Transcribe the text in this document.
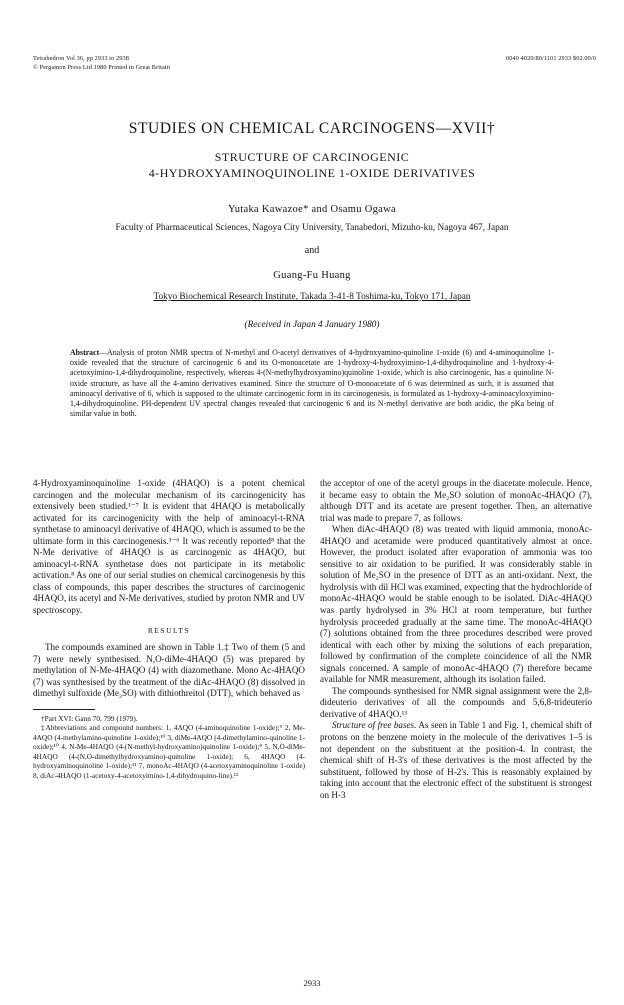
Tetrahedron Vol 36, pp 2933 to 2938
© Pergamon Press Ltd 1980 Printed in Great Britain
0040 4020/80/1101 2933 $02.00/0
STUDIES ON CHEMICAL CARCINOGENS—XVII†
STRUCTURE OF CARCINOGENIC
4-HYDROXYAMINOQUINOLINE 1-OXIDE DERIVATIVES
Yutaka Kawazoe* and Osamu Ogawa
Faculty of Pharmaceutical Sciences, Nagoya City University, Tanabedori, Mizuho-ku, Nagoya 467, Japan
and
Guang-Fu Huang
Tokyo Biochemical Research Institute, Takada 3-41-8 Toshima-ku, Tokyo 171, Japan
(Received in Japan 4 January 1980)
Abstract—Analysis of proton NMR spectra of N-methyl and O-acetyl derivatives of 4-hydroxyamino-quinoline 1-oxide (6) and 4-aminoquinoline 1-oxide revealed that the structure of carcinogenic 6 and its O-monoacetate are 1-hydroxy-4-hydroxyimino-1,4-dihydroquinoline and 1-hydroxy-4-acetoxyimino-1,4-dihydroquinoline, respectively, whereas 4-(N-methylhydroxyamino)quinoline 1-oxide, which is also carcinogenic, has a quinoline N-oxide structure, as have all the 4-amino derivatives examined. Since the structure of O-monoacetate of 6 was determined as such, it is assumed that aminoacyl derivative of 6, which is supposed to the ultimate carcinogenic form in its carcinogenesis, is formulated as 1-hydroxy-4-aminoacyloxyimino-1,4-dihydroquinoline. PH-dependent UV spectral changes revealed that carcinogenic 6 and its N-methyl derivative are both acidic, the pKa being of similar value in both.

4-Hydroxyaminoquinoline 1-oxide (4HAQO) is a potent chemical carcinogen and the molecular mechanism of its carcinogenicity has extensively been studied.¹⁻⁷ It is evident that 4HAQO is metabolically activated for its carcinogenicity with the help of aminoacyl-t-RNA synthetase to aminoacyl derivative of 4HAQO, which is assumed to be the ultimate form in this carcinogenesis.³⁻⁶ It was recently reported⁸ that the N-Me derivative of 4HAQO is as carcinogenic as 4HAQO, but aminoacyl-t-RNA synthetase does not participate in its metabolic activation.⁸ As one of our serial studies on chemical carcinogenesis by this class of compounds, this paper describes the structures of carcinogenic 4HAQO, its acetyl and N-Me derivatives, studied by proton NMR and UV spectroscopy.

RESULTS

The compounds examined are shown in Table 1.‡ Two of them (5 and 7) were newly synthesised. N,O-diMe-4HAQO (5) was prepared by methylation of N-Me-4HAQO (4) with diazomethane. Mono Ac-4HAQO (7) was synthesised by the treatment of the diAc-4HAQO (8) dissolved in dimethyl sulfoxide (Me₂SO) with dithiothreitol (DTT), which behaved as

†Part XVI: Gann 70, 799 (1979).

‡Abbreviations and compound numbers: 1, 4AQO (4-aminoquinoline 1-oxide);⁹ 2, Me-4AQO (4-methylamino-quinoline 1-oxide);¹⁰ 3, diMe-4AQO (4-dimethylamino-quinoline 1-oxide);¹⁰ 4, N-Me-4HAQO (4-(N-methyl-hydroxyamino)quinoline 1-oxide);⁸ 5, N,O-diMe-4HAQO (4-(N,O-dimethylhydroxyamino)-quinoline 1-oxide); 6, 4HAQO (4-hydroxyaminoquinoline 1-oxide);¹¹ 7, monoAc-4HAQO (4-acetoxyaminoquinoline 1-oxide) 8, diAc-4HAQO (1-acetoxy-4-acetoxyimino-1,4-dihydroquino-line).¹²

the acceptor of one of the acetyl groups in the diacetate molecule. Hence, it became easy to obtain the Me₂SO solution of monoAc-4HAQO (7), although DTT and its acetate are present together. Then, an alternative trial was made to prepare 7, as follows.

When diAc-4HAQO (8) was treated with liquid ammonia, monoAc-4HAQO and acetamide were produced quantitatively almost at once. However, the product isolated after evaporation of ammonia was too sensitive to air oxidation to be purified. It was considerably stable in solution of Me₂SO in the presence of DTT as an anti-oxidant. Next, the hydrolysis with dil HCl was examined, expecting that the hydrochloride of monoAc-4HAQO would be stable enough to be isolated. DiAc-4HAQO was partly hydrolysed in 3% HCl at room temperature, but further hydrolysis proceeded gradually at the same time. The monoAc-4HAQO (7) solutions obtained from the three procedures described were proved identical with each other by mixing the solutions of each preparation, followed by confirmation of the complete coincidence of all the NMR signals concerned. A sample of monoAc-4HAQO (7) therefore became available for NMR measurement, although its isolation failed.

The compounds synthesised for NMR signal assignment were the 2,8-dideuterio derivatives of all the compounds and 5,6,8-trideuterio derivative of 4HAQO.¹³

Structure of free bases. As seen in Table 1 and Fig. 1, chemical shift of protons on the benzene moiety in the molecule of the derivatives 1–5 is not dependent on the substituent at the position-4. In contrast, the chemical shift of H-3's of these derivatives is the most affected by the substituent, followed by those of H-2's. This is reasonably explained by taking into account that the electronic effect of the substituent is strongest on H-3

2933
